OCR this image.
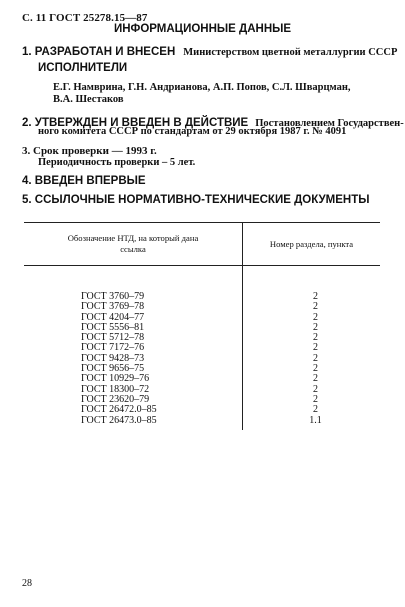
С. 11 ГОСТ 25278.15—87
ИНФОРМАЦИОННЫЕ ДАННЫЕ
1. РАЗРАБОТАН И ВНЕСЕН Министерством цветной металлургии СССР
ИСПОЛНИТЕЛИ
Е.Г. Намврина, Г.Н. Андрианова, А.П. Попов, С.Л. Шварцман,
В.А. Шестаков
2. УТВЕРЖДЕН И ВВЕДЕН В ДЕЙСТВИЕ Постановлением Государствен-
ного комитета СССР по стандартам от 29 октября 1987 г. № 4091
3. Срок проверки — 1993 г.
Периодичность проверки – 5 лет.
4. ВВЕДЕН ВПЕРВЫЕ
5. ССЫЛОЧНЫЕ НОРМАТИВНО-ТЕХНИЧЕСКИЕ ДОКУМЕНТЫ
Обозначение НТД, на который дана
ссылка	Номер раздела, пункта
ГОСТ 3760–79	2
ГОСТ 3769–78	2
ГОСТ 4204–77	2
ГОСТ 5556–81	2
ГОСТ 5712–78	2
ГОСТ 7172–76	2
ГОСТ 9428–73	2
ГОСТ 9656–75	2
ГОСТ 10929–76	2
ГОСТ 18300–72	2
ГОСТ 23620–79	2
ГОСТ 26472.0–85	2
ГОСТ 26473.0–85	1.1
28
